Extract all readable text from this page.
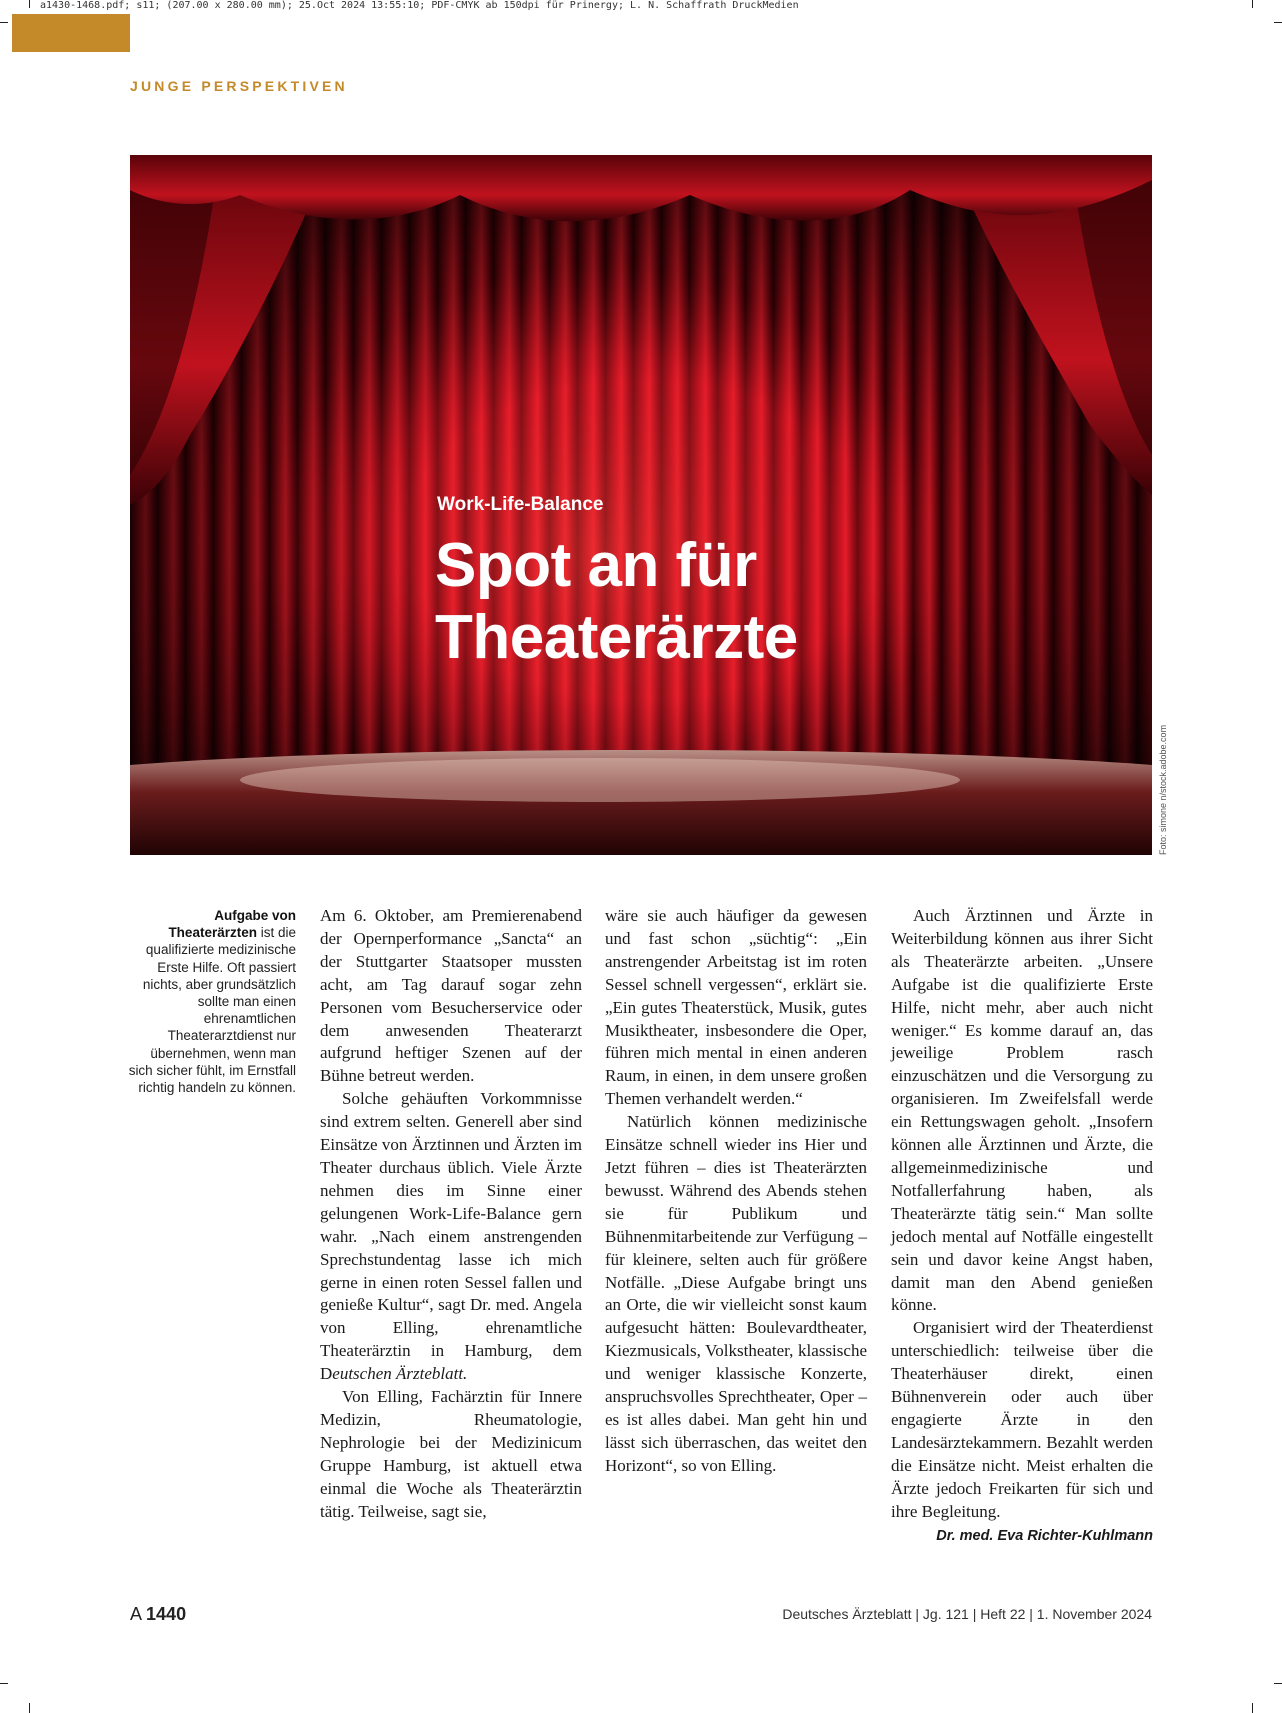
a1430-1468.pdf; s11; (207.00 x 280.00 mm); 25.Oct 2024 13:55:10; PDF-CMYK ab 150dpi für Prinergy; L. N. Schaffrath DruckMedien
JUNGE PERSPEKTIVEN
Work-Life-Balance
Spot an für
Theaterärzte
Foto: simone n/stock.adobe.com
Aufgabe von Theaterärzten ist die qualifizierte medizinische Erste Hilfe. Oft passiert nichts, aber grundsätzlich sollte man einen ehrenamtlichen Theaterarztdienst nur übernehmen, wenn man sich sicher fühlt, im Ernstfall richtig handeln zu können.

Am 6. Oktober, am Premierenabend der Opernperformance „Sancta“ an der Stuttgarter Staatsoper mussten acht, am Tag darauf sogar zehn Personen vom Besucherservice oder dem anwesenden Theaterarzt aufgrund heftiger Szenen auf der Bühne betreut werden.

Solche gehäuften Vorkommnisse sind extrem selten. Generell aber sind Einsätze von Ärztinnen und Ärzten im Theater durchaus üblich. Viele Ärzte nehmen dies im Sinne einer gelungenen Work-Life-Balance gern wahr. „Nach einem anstrengenden Sprechstundentag lasse ich mich gerne in einen roten Sessel fallen und genieße Kultur“, sagt Dr. med. Angela von Elling, ehrenamtliche Theaterärztin in Hamburg, dem Deutschen Ärzteblatt.

Von Elling, Fachärztin für Innere Medizin, Rheumatologie, Nephrologie bei der Medizinicum Gruppe Hamburg, ist aktuell etwa einmal die Woche als Theaterärztin tätig. Teilweise, sagt sie,

wäre sie auch häufiger da gewesen und fast schon „süchtig“: „Ein anstrengender Arbeitstag ist im roten Sessel schnell vergessen“, erklärt sie. „Ein gutes Theaterstück, Musik, gutes Musiktheater, insbesondere die Oper, führen mich mental in einen anderen Raum, in einen, in dem unsere großen Themen verhandelt werden.“

Natürlich können medizinische Einsätze schnell wieder ins Hier und Jetzt führen – dies ist Theaterärzten bewusst. Während des Abends stehen sie für Publikum und Bühnenmitarbeitende zur Verfügung – für kleinere, selten auch für größere Notfälle. „Diese Aufgabe bringt uns an Orte, die wir vielleicht sonst kaum aufgesucht hätten: Boulevardtheater, Kiezmusicals, Volkstheater, klassische und weniger klassische Konzerte, anspruchsvolles Sprechtheater, Oper – es ist alles dabei. Man geht hin und lässt sich überraschen, das weitet den Horizont“, so von Elling.

Auch Ärztinnen und Ärzte in Weiterbildung können aus ihrer Sicht als Theaterärzte arbeiten. „Unsere Aufgabe ist die qualifizierte Erste Hilfe, nicht mehr, aber auch nicht weniger.“ Es komme darauf an, das jeweilige Problem rasch einzuschätzen und die Versorgung zu organisieren. Im Zweifelsfall werde ein Rettungswagen geholt. „Insofern können alle Ärztinnen und Ärzte, die allgemeinmedizinische und Notfallerfahrung haben, als Theaterärzte tätig sein.“ Man sollte jedoch mental auf Notfälle eingestellt sein und davor keine Angst haben, damit man den Abend genießen könne.

Organisiert wird der Theaterdienst unterschiedlich: teilweise über die Theaterhäuser direkt, einen Bühnenverein oder auch über engagierte Ärzte in den Landesärztekammern. Bezahlt werden die Einsätze nicht. Meist erhalten die Ärzte jedoch Freikarten für sich und ihre Begleitung.

Dr. med. Eva Richter-Kuhlmann
A 1440	Deutsches Ärzteblatt | Jg. 121 | Heft 22 | 1. November 2024
